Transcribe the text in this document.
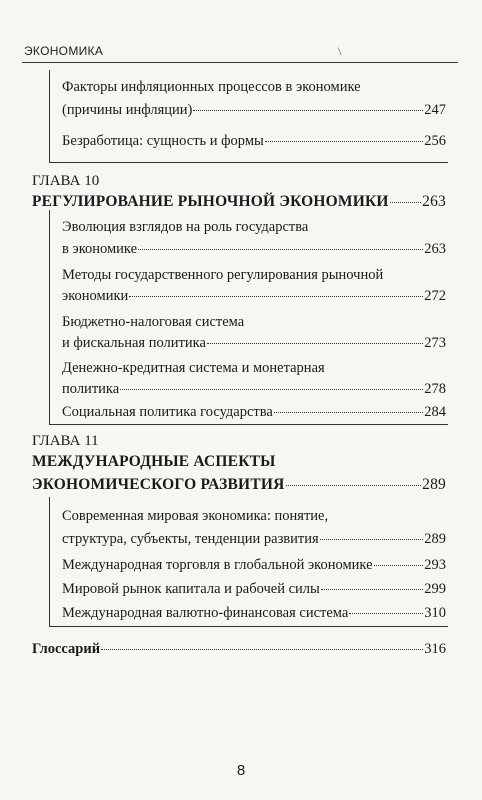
ЭКОНОМИКА	\
Факторы инфляционных процессов в экономике
(причины инфляции)	247
Безработица: сущность и формы	256
ГЛАВА 10
РЕГУЛИРОВАНИЕ РЫНОЧНОЙ ЭКОНОМИКИ 263
Эволюция взглядов на роль государства
в экономике	263
Методы государственного регулирования рыночной
экономики	272
Бюджетно-налоговая система
и фискальная политика	273
Денежно-кредитная система и монетарная
политика	278
Социальная политика государства	284
ГЛАВА 11
МЕЖДУНАРОДНЫЕ АСПЕКТЫ
ЭКОНОМИЧЕСКОГО РАЗВИТИЯ	289
Современная мировая экономика: понятие,
структура, субъекты, тенденции развития	289
Международная торговля в глобальной экономике	293
Мировой рынок капитала и рабочей силы	299
Международная валютно-финансовая система	310
Глоссарий	316
8
